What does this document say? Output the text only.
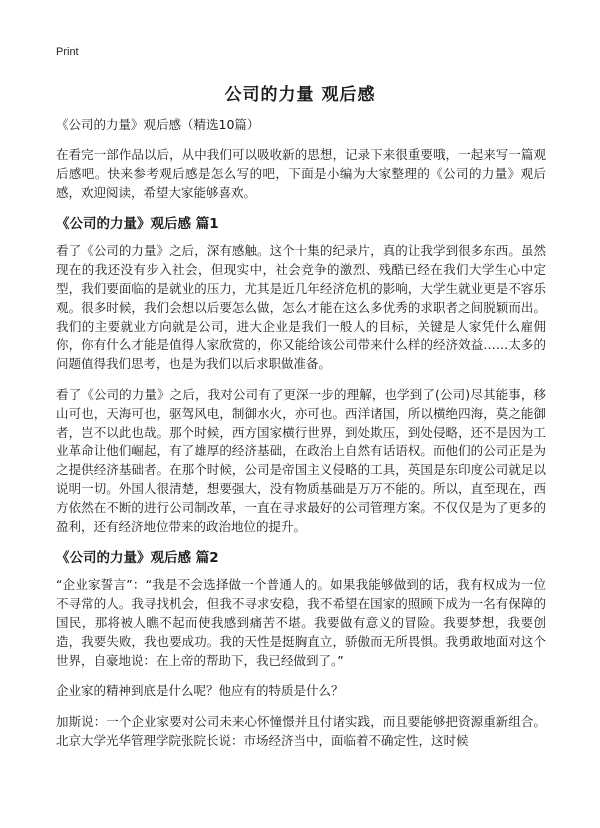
Print
公司的力量 观后感
《公司的力量》观后感（精选10篇）

在看完一部作品以后，从中我们可以吸收新的思想，记录下来很重要哦，一起来写一篇观后感吧。快来参考观后感是怎么写的吧，下面是小编为大家整理的《公司的力量》观后感，欢迎阅读，希望大家能够喜欢。

《公司的力量》观后感 篇1

看了《公司的力量》之后，深有感触。这个十集的纪录片，真的让我学到很多东西。虽然现在的我还没有步入社会，但现实中，社会竞争的激烈、残酷已经在我们大学生心中定型，我们要面临的是就业的压力，尤其是近几年经济危机的影响，大学生就业更是不容乐观。很多时候，我们会想以后要怎么做，怎么才能在这么多优秀的求职者之间脱颖而出。我们的主要就业方向就是公司，进大企业是我们一般人的目标，关键是人家凭什么雇佣你，你有什么才能是值得人家欣赏的，你又能给该公司带来什么样的经济效益……太多的问题值得我们思考，也是为我们以后求职做准备。

看了《公司的力量》之后，我对公司有了更深一步的理解，也学到了(公司)尽其能事，移山可也，天海可也，驱驾风电，制御水火，亦可也。西洋诸国，所以横绝四海，莫之能御者，岂不以此也哉。那个时候，西方国家横行世界，到处欺压，到处侵略，还不是因为工业革命让他们崛起，有了雄厚的经济基础，在政治上自然有话语权。而他们的公司正是为之提供经济基础者。在那个时候，公司是帝国主义侵略的工具，英国是东印度公司就足以说明一切。外国人很清楚，想要强大，没有物质基础是万万不能的。所以，直至现在，西方依然在不断的进行公司制改革，一直在寻求最好的公司管理方案。不仅仅是为了更多的盈利，还有经济地位带来的政治地位的提升。

《公司的力量》观后感 篇2

“企业家誓言”：“我是不会选择做一个普通人的。如果我能够做到的话，我有权成为一位不寻常的人。我寻找机会，但我不寻求安稳，我不希望在国家的照顾下成为一名有保障的国民，那将被人瞧不起而使我感到痛苦不堪。我要做有意义的冒险。我要梦想，我要创造，我要失败，我也要成功。我的天性是挺胸直立，骄傲而无所畏惧。我勇敢地面对这个世界，自豪地说：在上帝的帮助下，我已经做到了。”

企业家的精神到底是什么呢？他应有的特质是什么？

加斯说：一个企业家要对公司未来心怀憧憬并且付诸实践，而且要能够把资源重新组合。北京大学光华管理学院张院长说：市场经济当中，面临着不确定性，这时候
